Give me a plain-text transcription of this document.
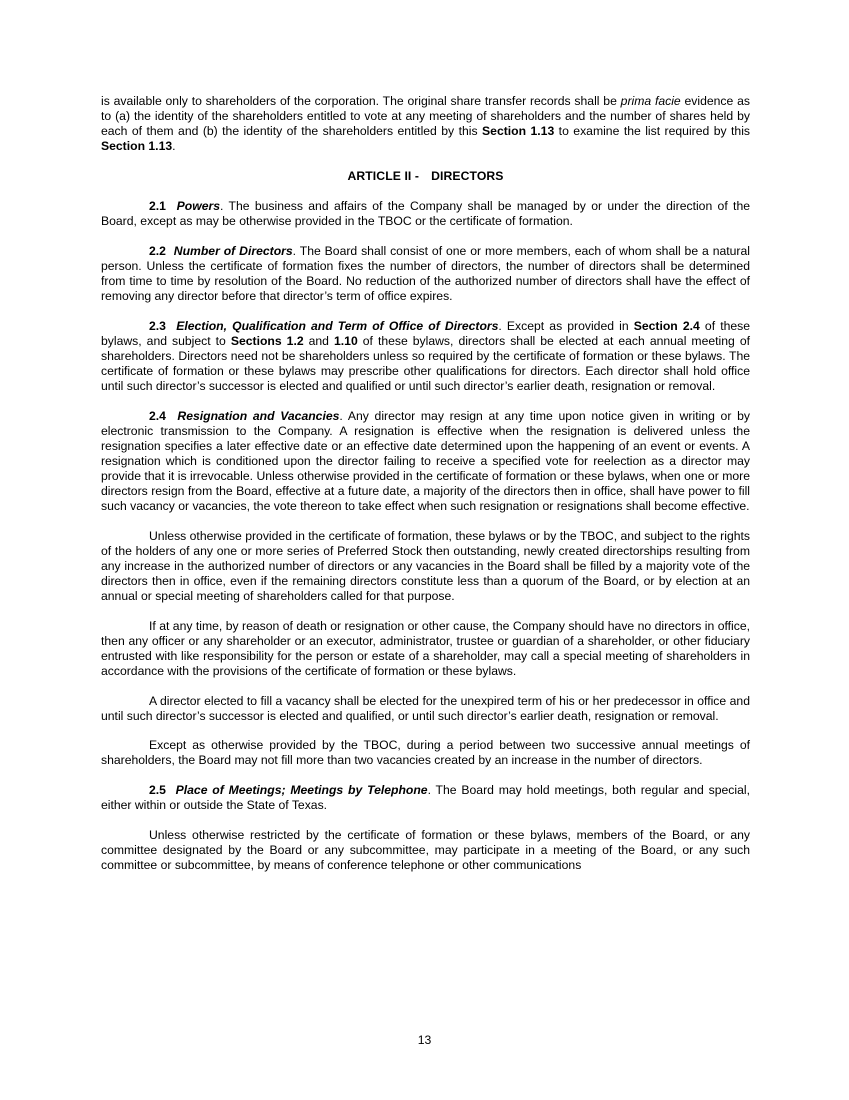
is available only to shareholders of the corporation. The original share transfer records shall be prima facie evidence as to (a) the identity of the shareholders entitled to vote at any meeting of shareholders and the number of shares held by each of them and (b) the identity of the shareholders entitled by this Section 1.13 to examine the list required by this Section 1.13.

ARTICLE II - DIRECTORS

2.1 Powers. The business and affairs of the Company shall be managed by or under the direction of the Board, except as may be otherwise provided in the TBOC or the certificate of formation.

2.2 Number of Directors. The Board shall consist of one or more members, each of whom shall be a natural person. Unless the certificate of formation fixes the number of directors, the number of directors shall be determined from time to time by resolution of the Board. No reduction of the authorized number of directors shall have the effect of removing any director before that director’s term of office expires.

2.3 Election, Qualification and Term of Office of Directors. Except as provided in Section 2.4 of these bylaws, and subject to Sections 1.2 and 1.10 of these bylaws, directors shall be elected at each annual meeting of shareholders. Directors need not be shareholders unless so required by the certificate of formation or these bylaws. The certificate of formation or these bylaws may prescribe other qualifications for directors. Each director shall hold office until such director’s successor is elected and qualified or until such director’s earlier death, resignation or removal.

2.4 Resignation and Vacancies. Any director may resign at any time upon notice given in writing or by electronic transmission to the Company. A resignation is effective when the resignation is delivered unless the resignation specifies a later effective date or an effective date determined upon the happening of an event or events. A resignation which is conditioned upon the director failing to receive a specified vote for reelection as a director may provide that it is irrevocable. Unless otherwise provided in the certificate of formation or these bylaws, when one or more directors resign from the Board, effective at a future date, a majority of the directors then in office, shall have power to fill such vacancy or vacancies, the vote thereon to take effect when such resignation or resignations shall become effective.

Unless otherwise provided in the certificate of formation, these bylaws or by the TBOC, and subject to the rights of the holders of any one or more series of Preferred Stock then outstanding, newly created directorships resulting from any increase in the authorized number of directors or any vacancies in the Board shall be filled by a majority vote of the directors then in office, even if the remaining directors constitute less than a quorum of the Board, or by election at an annual or special meeting of shareholders called for that purpose.

If at any time, by reason of death or resignation or other cause, the Company should have no directors in office, then any officer or any shareholder or an executor, administrator, trustee or guardian of a shareholder, or other fiduciary entrusted with like responsibility for the person or estate of a shareholder, may call a special meeting of shareholders in accordance with the provisions of the certificate of formation or these bylaws.

A director elected to fill a vacancy shall be elected for the unexpired term of his or her predecessor in office and until such director’s successor is elected and qualified, or until such director’s earlier death, resignation or removal.

Except as otherwise provided by the TBOC, during a period between two successive annual meetings of shareholders, the Board may not fill more than two vacancies created by an increase in the number of directors.

2.5 Place of Meetings; Meetings by Telephone. The Board may hold meetings, both regular and special, either within or outside the State of Texas.

Unless otherwise restricted by the certificate of formation or these bylaws, members of the Board, or any committee designated by the Board or any subcommittee, may participate in a meeting of the Board, or any such committee or subcommittee, by means of conference telephone or other communications

13
